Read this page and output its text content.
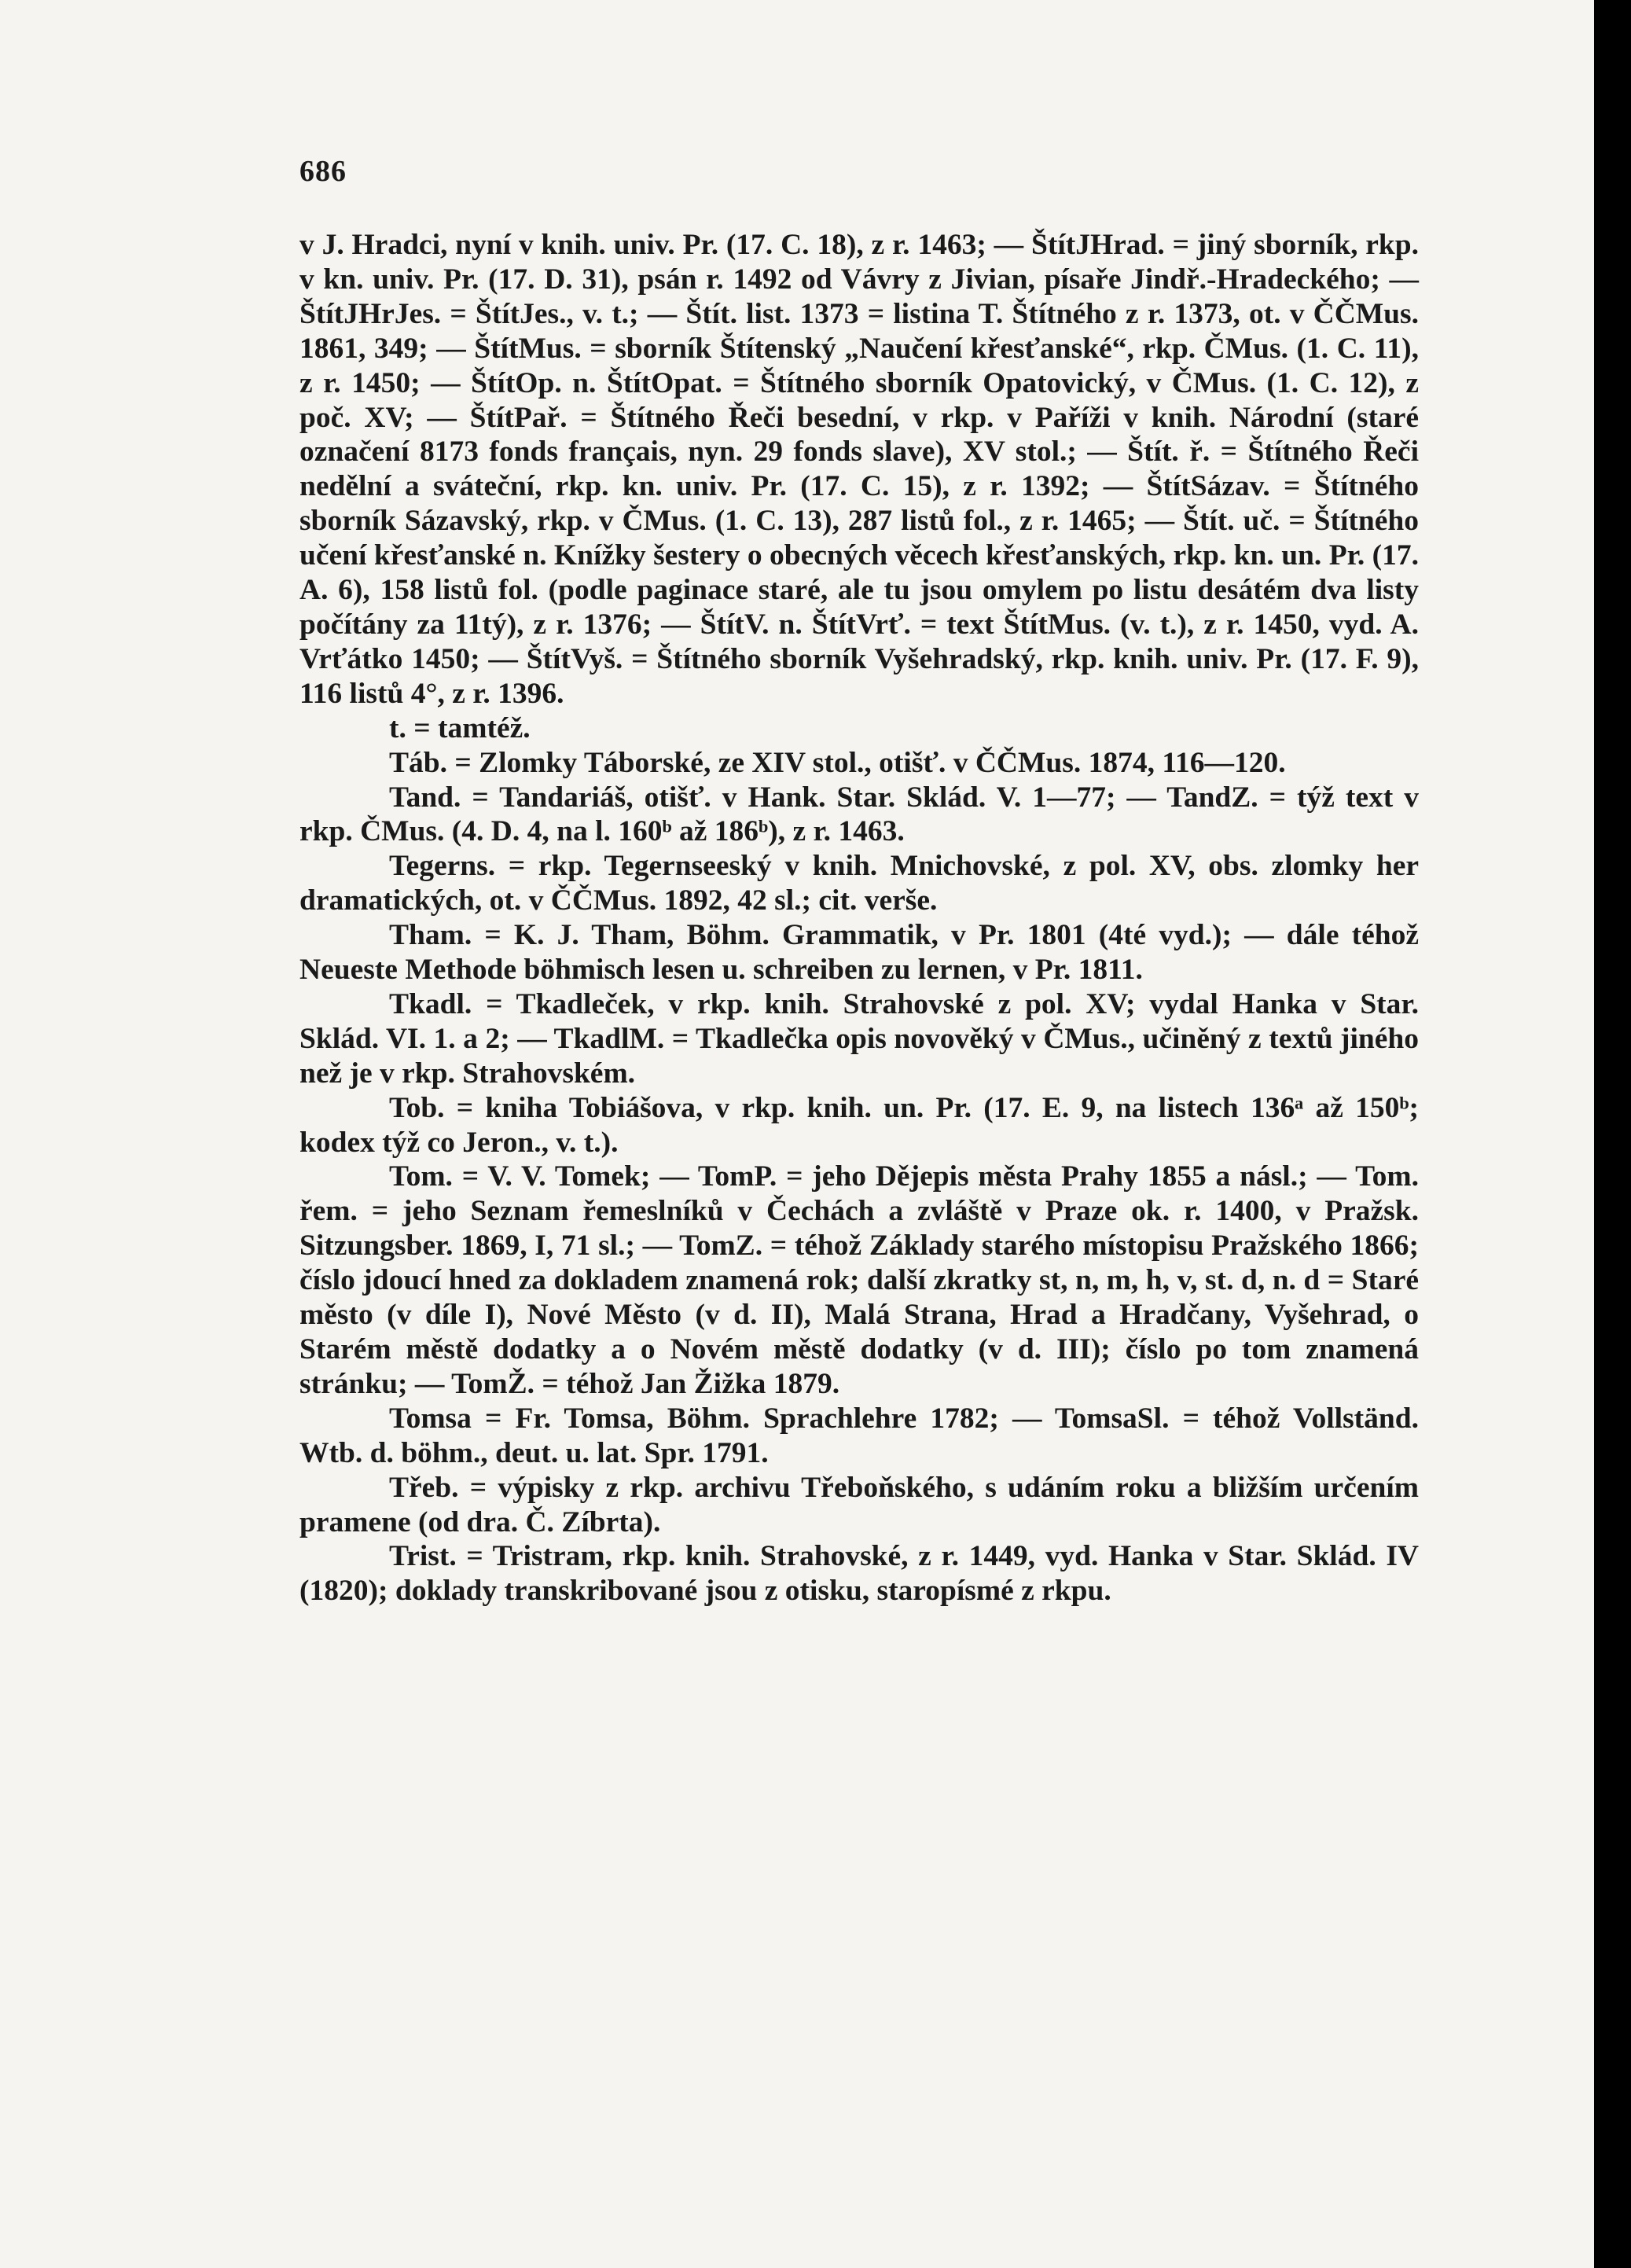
686

v J. Hradci, nyní v knih. univ. Pr. (17. C. 18), z r. 1463; — ŠtítJHrad. = jiný sborník, rkp. v kn. univ. Pr. (17. D. 31), psán r. 1492 od Vávry z Jivian, písaře Jindř.-Hradeckého; — ŠtítJHrJes. = ŠtítJes., v. t.; — Štít. list. 1373 = listina T. Štítného z r. 1373, ot. v ČČMus. 1861, 349; — ŠtítMus. = sborník Štítenský „Naučení křesťanské“, rkp. ČMus. (1. C. 11), z r. 1450; — ŠtítOp. n. ŠtítOpat. = Štítného sborník Opatovický, v ČMus. (1. C. 12), z poč. XV; — ŠtítPař. = Štítného Řeči besední, v rkp. v Paříži v knih. Národní (staré označení 8173 fonds français, nyn. 29 fonds slave), XV stol.; — Štít. ř. = Štítného Řeči nedělní a sváteční, rkp. kn. univ. Pr. (17. C. 15), z r. 1392; — ŠtítSázav. = Štítného sborník Sázavský, rkp. v ČMus. (1. C. 13), 287 listů fol., z r. 1465; — Štít. uč. = Štítného učení křesťanské n. Knížky šestery o obecných věcech křesťanských, rkp. kn. un. Pr. (17. A. 6), 158 listů fol. (podle paginace staré, ale tu jsou omylem po listu desátém dva listy počítány za 11tý), z r. 1376; — ŠtítV. n. ŠtítVrť. = text ŠtítMus. (v. t.), z r. 1450, vyd. A. Vrťátko 1450; — ŠtítVyš. = Štítného sborník Vyšehradský, rkp. knih. univ. Pr. (17. F. 9), 116 listů 4°, z r. 1396.

t. = tamtéž.

Táb. = Zlomky Táborské, ze XIV stol., otišť. v ČČMus. 1874, 116—120.

Tand. = Tandariáš, otišť. v Hank. Star. Sklád. V. 1—77; — TandZ. = týž text v rkp. ČMus. (4. D. 4, na l. 160ᵇ až 186ᵇ), z r. 1463.

Tegerns. = rkp. Tegernseeský v knih. Mnichovské, z pol. XV, obs. zlomky her dramatických, ot. v ČČMus. 1892, 42 sl.; cit. verše.

Tham. = K. J. Tham, Böhm. Grammatik, v Pr. 1801 (4té vyd.); — dále téhož Neueste Methode böhmisch lesen u. schreiben zu lernen, v Pr. 1811.

Tkadl. = Tkadleček, v rkp. knih. Strahovské z pol. XV; vydal Hanka v Star. Sklád. VI. 1. a 2; — TkadlM. = Tkadlečka opis novověký v ČMus., učiněný z textů jiného než je v rkp. Strahovském.

Tob. = kniha Tobiášova, v rkp. knih. un. Pr. (17. E. 9, na listech 136ᵃ až 150ᵇ; kodex týž co Jeron., v. t.).

Tom. = V. V. Tomek; — TomP. = jeho Dějepis města Prahy 1855 a násl.; — Tom. řem. = jeho Seznam řemeslníků v Čechách a zvláště v Praze ok. r. 1400, v Pražsk. Sitzungsber. 1869, I, 71 sl.; — TomZ. = téhož Základy starého místopisu Pražského 1866; číslo jdoucí hned za dokladem znamená rok; další zkratky st, n, m, h, v, st. d, n. d = Staré město (v díle I), Nové Město (v d. II), Malá Strana, Hrad a Hradčany, Vyšehrad, o Starém městě dodatky a o Novém městě dodatky (v d. III); číslo po tom znamená stránku; — TomŽ. = téhož Jan Žižka 1879.

Tomsa = Fr. Tomsa, Böhm. Sprachlehre 1782; — TomsaSl. = téhož Vollständ. Wtb. d. böhm., deut. u. lat. Spr. 1791.

Třeb. = výpisky z rkp. archivu Třeboňského, s udáním roku a bližším určením pramene (od dra. Č. Zíbrta).

Trist. = Tristram, rkp. knih. Strahovské, z r. 1449, vyd. Hanka v Star. Sklád. IV (1820); doklady transkribované jsou z otisku, staropísmé z rkpu.
